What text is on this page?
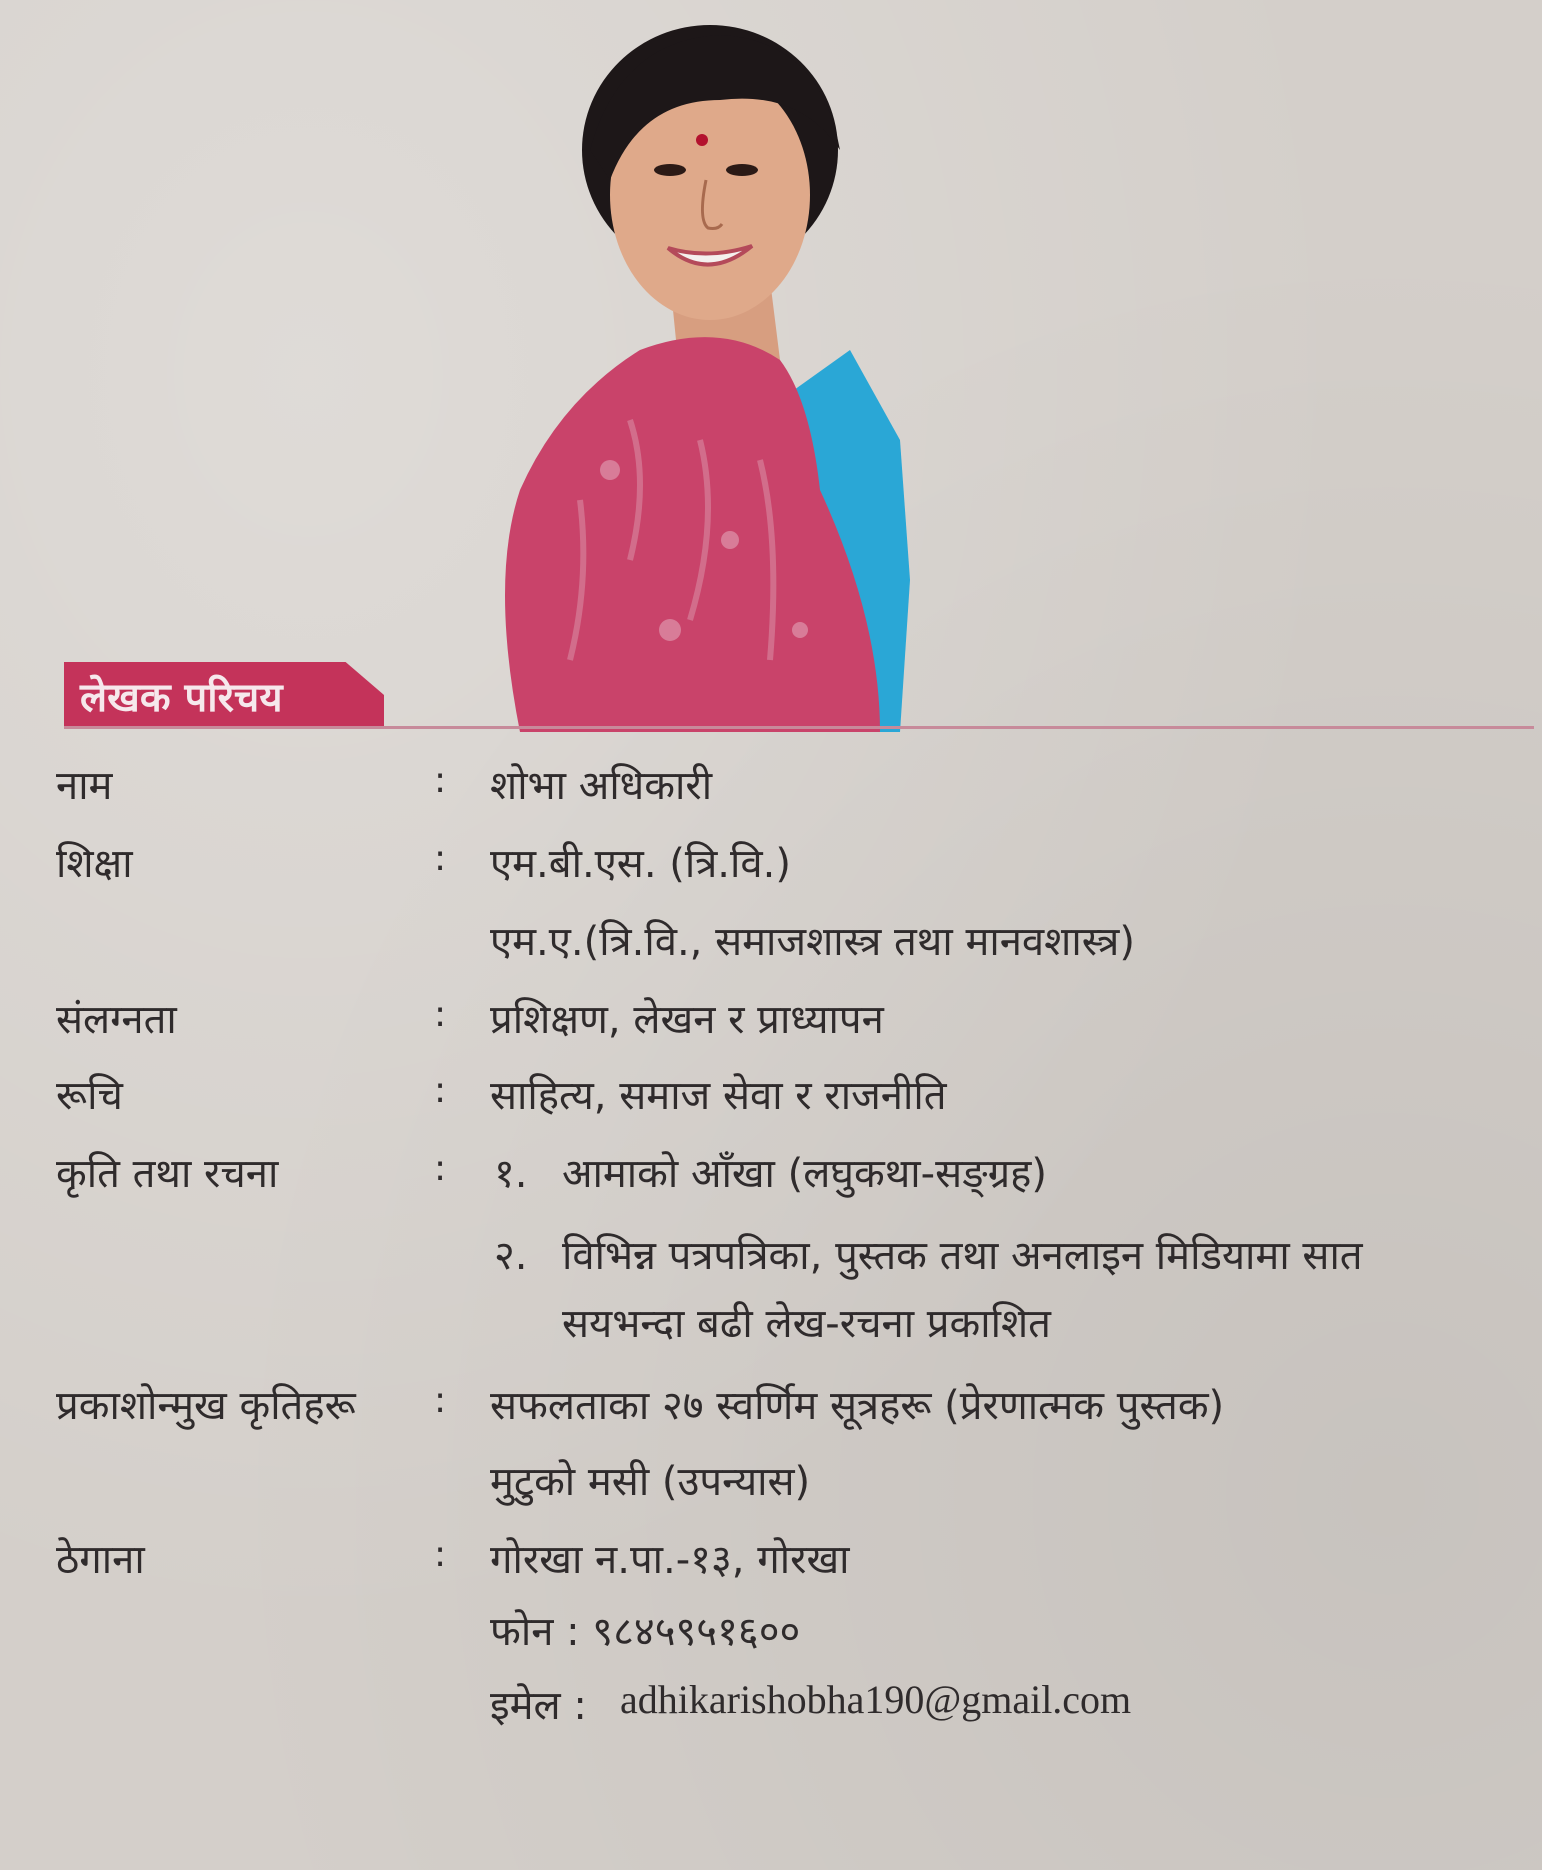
लेखक परिचय
नाम	: शोभा अधिकारी
शिक्षा	: एम.बी.एस. (त्रि.वि.)
एम.ए.(त्रि.वि., समाजशास्त्र तथा मानवशास्त्र)
संलग्नता	: प्रशिक्षण, लेखन र प्राध्यापन
रूचि	: साहित्य, समाज सेवा र राजनीति
कृति तथा रचना	: १. आमाको आँखा (लघुकथा-सङ्ग्रह)
२. विभिन्न पत्रपत्रिका, पुस्तक तथा अनलाइन मिडियामा सात
सयभन्दा बढी लेख-रचना प्रकाशित
प्रकाशोन्मुख कृतिहरू : सफलताका २७ स्वर्णिम सूत्रहरू (प्रेरणात्मक पुस्तक)
मुटुको मसी (उपन्यास)
ठेगाना	: गोरखा न.पा.-१३, गोरखा
फोन : ९८४५९५१६००
इमेल : adhikarishobha190@gmail.com
